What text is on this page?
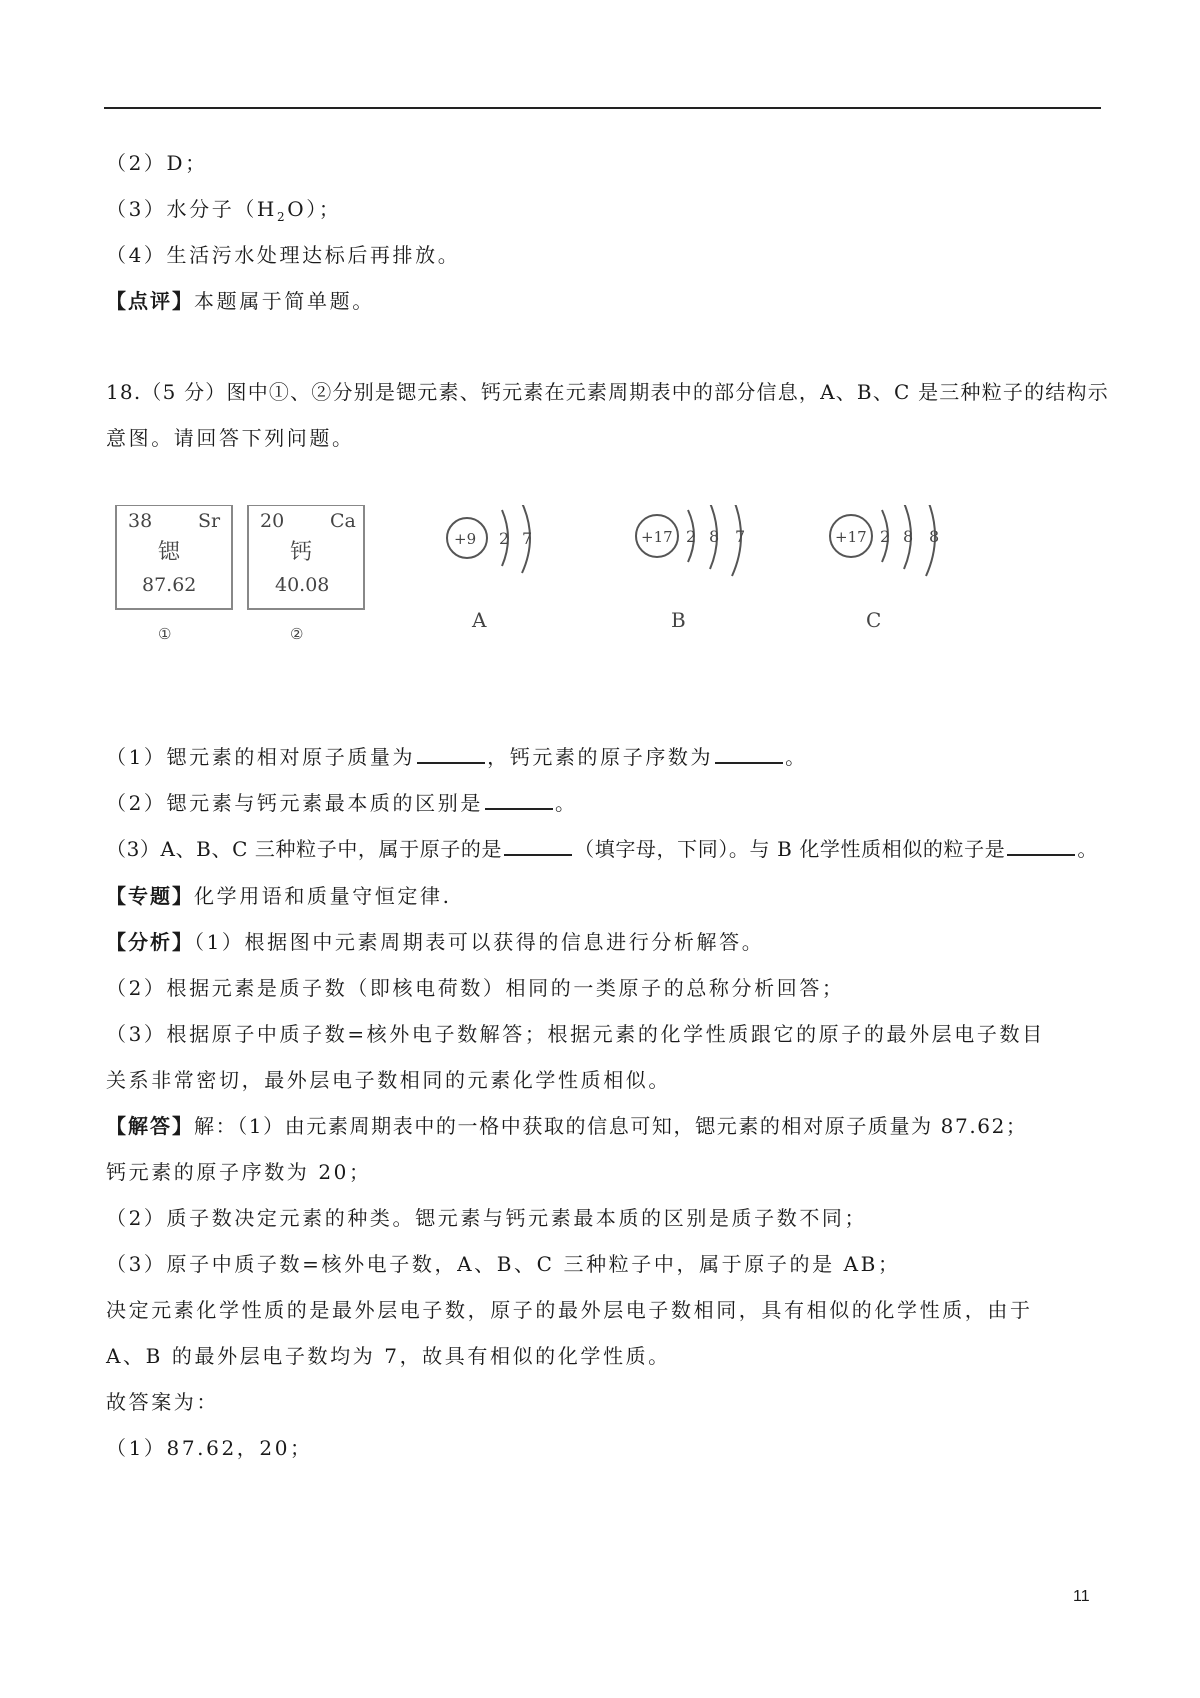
（2）D；
（3）水分子$(H_2O)$；
（4）生活污水处理达标后再排放。
【点评】本题属于简单题。
18.（5 分）图中①、②分别是锶元素、钙元素在元素周期表中的部分信息，A、B、C 是三种粒子的结构示
意图。请回答下列问题。
38 Sr
锶
87.62
①
20 Ca
钙
40.08
②
+9 2 7
A
+17 2 8 7
B
+17 2 8 8
C
（1）锶元素的相对原子质量为	，钙元素的原子序数为	。
（2）锶元素与钙元素最本质的区别是	。
（3）A、B、C 三种粒子中，属于原子的是	（填字母，下同）。与 B 化学性质相似的粒子是	。
【专题】化学用语和质量守恒定律.
【分析】（1）根据图中元素周期表可以获得的信息进行分析解答。
（2）根据元素是质子数（即核电荷数）相同的一类原子的总称分析回答；
（3）根据原子中质子数=核外电子数解答；根据元素的化学性质跟它的原子的最外层电子数目
关系非常密切，最外层电子数相同的元素化学性质相似。
【解答】解：（1）由元素周期表中的一格中获取的信息可知，锶元素的相对原子质量为 87.62；
钙元素的原子序数为 20；
（2）质子数决定元素的种类。锶元素与钙元素最本质的区别是质子数不同；
（3）原子中质子数=核外电子数，A、B、C 三种粒子中，属于原子的是 AB；
决定元素化学性质的是最外层电子数，原子的最外层电子数相同，具有相似的化学性质，由于
A、B 的最外层电子数均为 7，故具有相似的化学性质。
故答案为：
（1）87.62，20；
11
